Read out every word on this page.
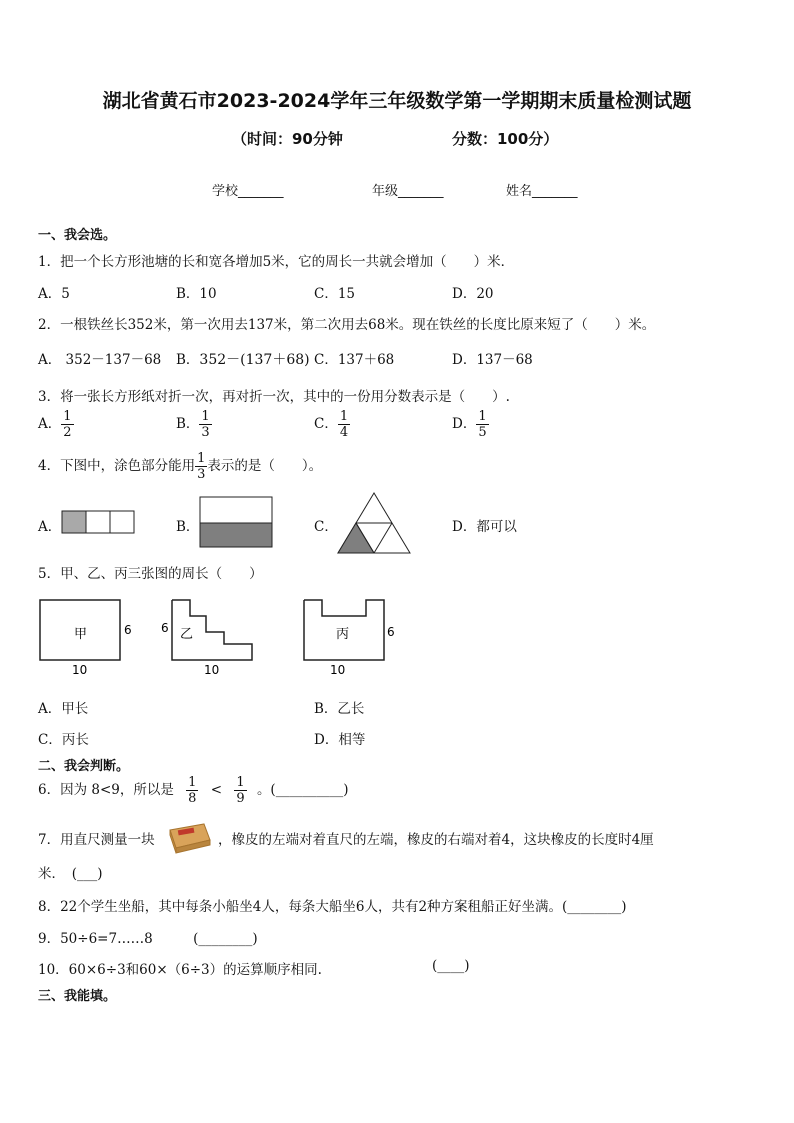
湖北省黄石市2023-2024学年三年级数学第一学期期末质量检测试题
（时间：90分钟	分数：100分）
学校_______	年级_______	姓名_______
一、我会选。
1．把一个长方形池塘的长和宽各增加5米，它的周长一共就会增加（　　）米．
A．5	B．10	C．15	D．20
2．一根铁丝长352米，第一次用去137米，第二次用去68米。现在铁丝的长度比原来短了（　　）米。
A． 352－137－68 B．352－(137＋68) C．137＋68	D．137－68
3．将一张长方形纸对折一次，再对折一次，其中的一份用分数表示是（　　）.
A． $\frac{1}{2}$	B． $\frac{1}{3}$	C． $\frac{1}{4}$	D． $\frac{1}{5}$
4．下图中，涂色部分能用 $\frac{1}{3}$ 表示的是（　　）。
A．	B．	C．	D．都可以
5．甲、乙、丙三张图的周长（　　）
甲	6
10
乙
6
10
丙	6
10
A．甲长	B．乙长
C．丙长	D．相等
二、我会判断。
6．因为 8<9，所以是 $\frac{1}{8} < \frac{1}{9}$ 。(__________)
7．用直尺测量一块	，橡皮的左端对着直尺的左端，橡皮的右端对着4，这块橡皮的长度时4厘
米．　(___)
8．22个学生坐船，其中每条小船坐4人，每条大船坐6人，共有2种方案租船正好坐满。(________)
9．50÷6=7……8　　　(________)
10．60×6÷3和60×（6÷3）的运算顺序相同.	(____)
三、我能填。
